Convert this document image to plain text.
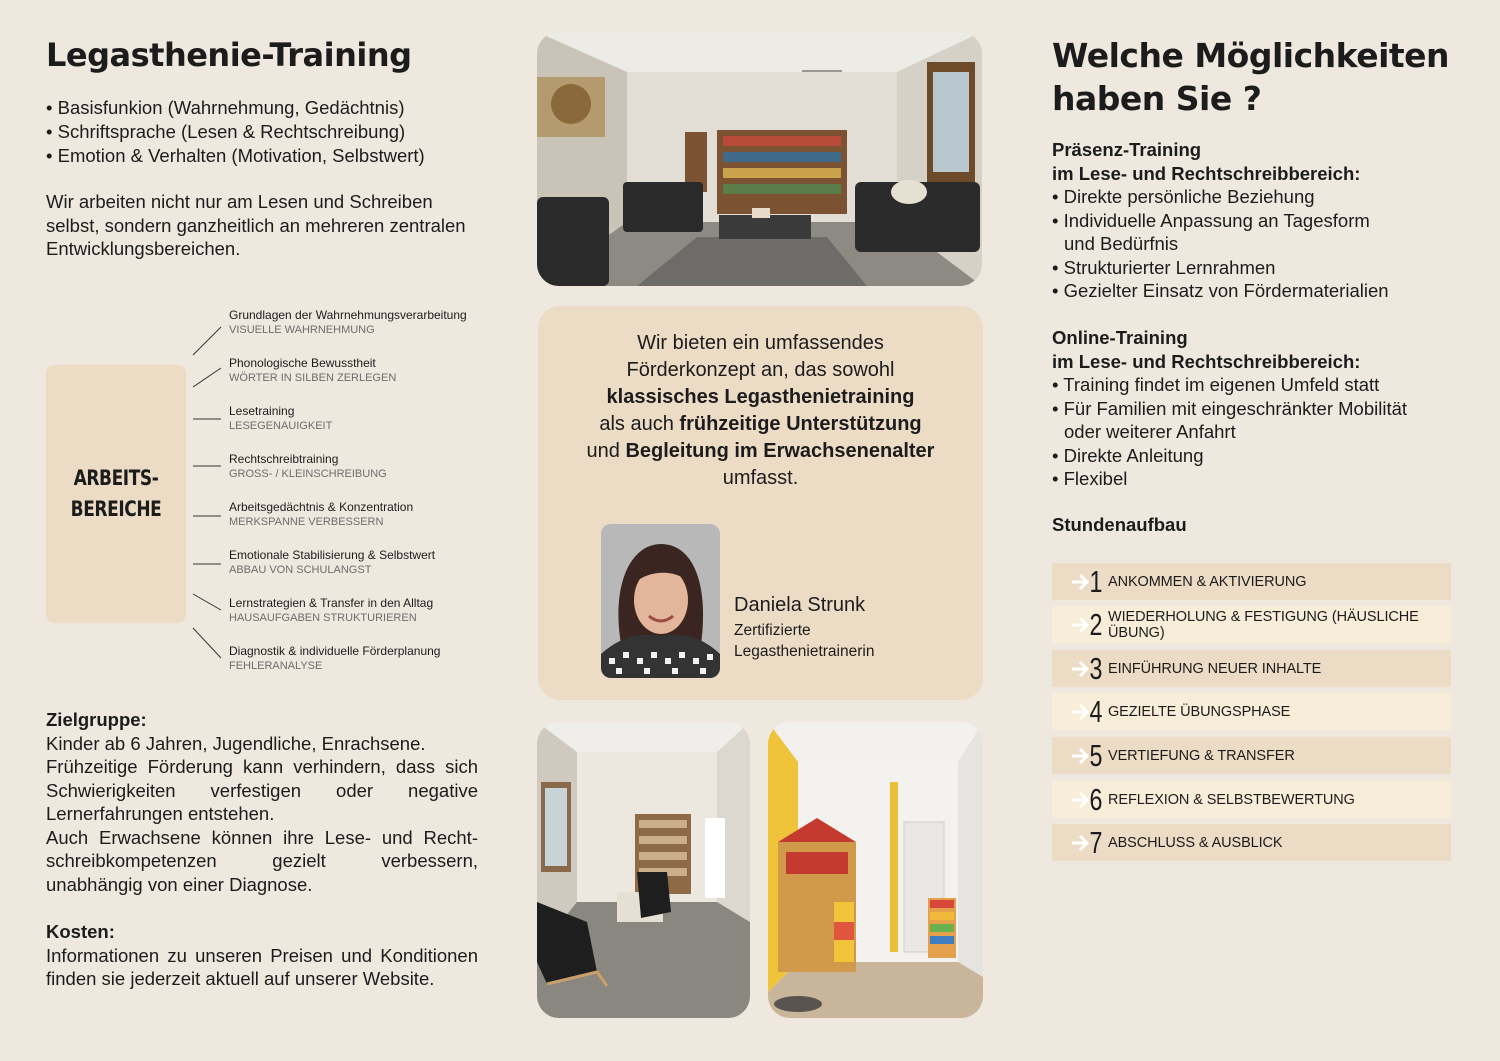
Legasthenie-Training
• Basisfunkion (Wahrnehmung, Gedächtnis)
• Schriftsprache (Lesen & Rechtschreibung)
• Emotion & Verhalten (Motivation, Selbstwert)

Wir arbeiten nicht nur am Lesen und Schreiben selbst, sondern ganzheitlich an mehreren zentralen Entwicklungsbereichen.

ARBEITS-
BEREICHE
Grundlagen der Wahrnehmungsverarbeitung
VISUELLE WAHRNEHMUNG
Phonologische Bewusstheit
WÖRTER IN SILBEN ZERLEGEN
Lesetraining
LESEGENAUIGKEIT
Rechtschreibtraining
GROSS- / KLEINSCHREIBUNG
Arbeitsgedächtnis & Konzentration
MERKSPANNE VERBESSERN
Emotionale Stabilisierung & Selbstwert
ABBAU VON SCHULANGST
Lernstrategien & Transfer in den Alltag
HAUSAUFGABEN STRUKTURIEREN
Diagnostik & individuelle Förderplanung
FEHLERANALYSE
Zielgruppe:

Kinder ab 6 Jahren, Jugendliche, Enrachsene.

Frühzeitige Förderung kann verhindern, dass sich Schwierigkeiten verfestigen oder negative Lernerfahrungen entstehen.

Auch Erwachsene können ihre Lese- und Recht-schreibkompetenzen gezielt verbessern, unabhängig von einer Diagnose.

Kosten:

Informationen zu unseren Preisen und Konditionen finden sie jederzeit aktuell auf unserer Website.

Wir bieten ein umfassendes
Förderkonzept an, das sowohl
klassisches Legasthenietraining
als auch frühzeitige Unterstützung
und Begleitung im Erwachsenenalter
umfasst.
Daniela Strunk
Zertifizierte
Legasthenietrainerin
Welche Möglichkeiten
haben Sie ?
Präsenz-Training
im Lese- und Rechtschreibbereich:
• Direkte persönliche Beziehung
• Individuelle Anpassung an Tagesform
und Bedürfnis
• Strukturierter Lernrahmen
• Gezielter Einsatz von Fördermaterialien
Online-Training
im Lese- und Rechtschreibbereich:
• Training findet im eigenen Umfeld statt
• Für Familien mit eingeschränkter Mobilität
oder weiterer Anfahrt
• Direkte Anleitung
• Flexibel
Stundenaufbau
1 ANKOMMEN & AKTIVIERUNG
2 WIEDERHOLUNG & FESTIGUNG (HÄUSLICHE ÜBUNG)
3 EINFÜHRUNG NEUER INHALTE
4 GEZIELTE ÜBUNGSPHASE
5 VERTIEFUNG & TRANSFER
6 REFLEXION & SELBSTBEWERTUNG
7 ABSCHLUSS & AUSBLICK
